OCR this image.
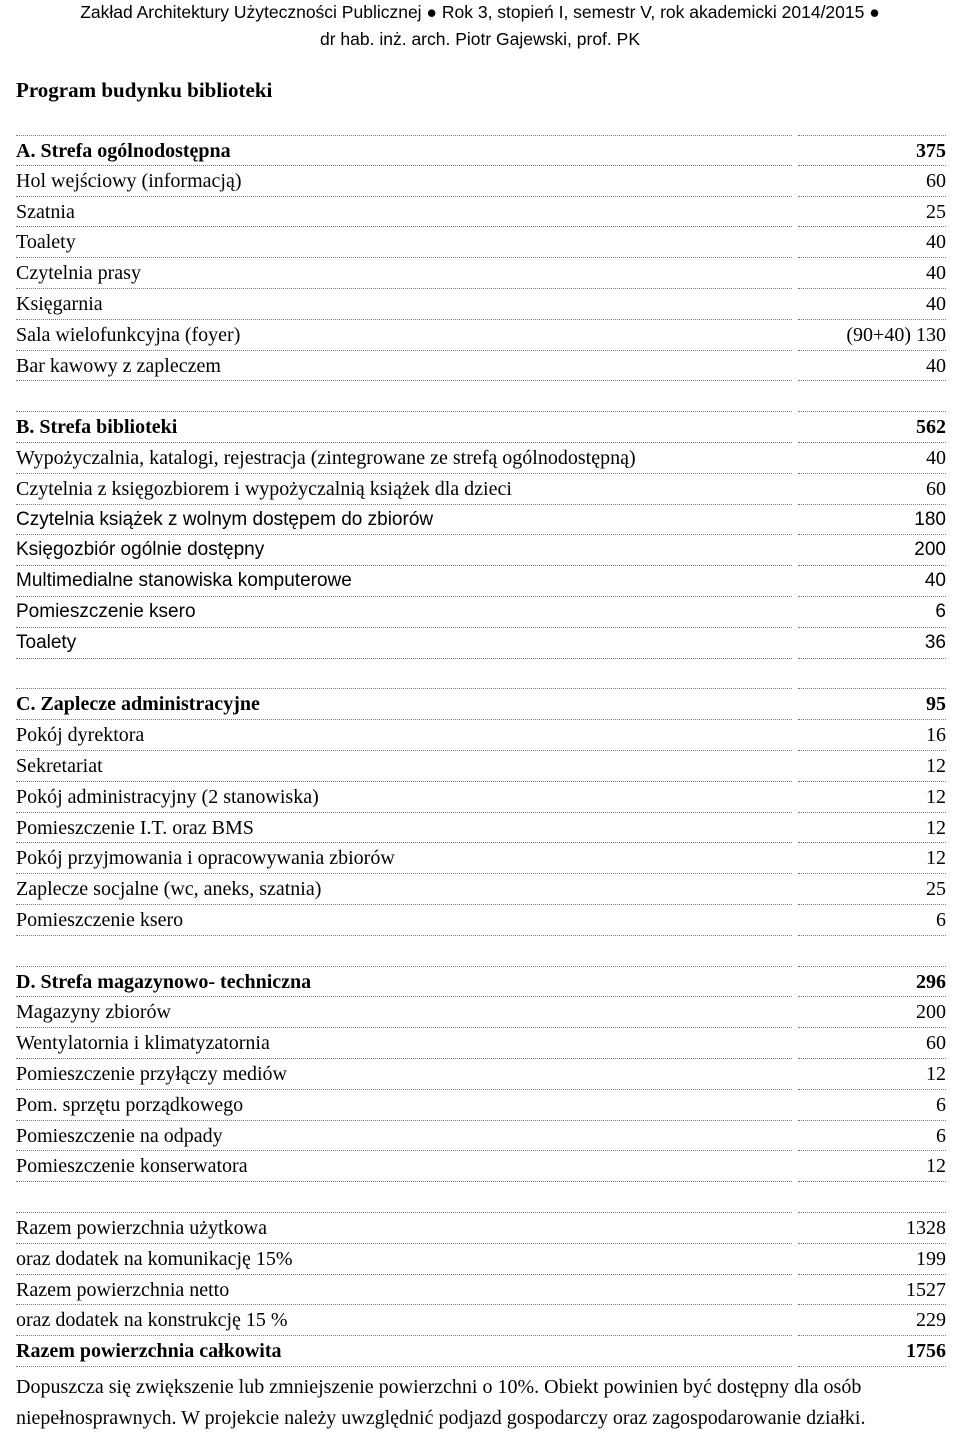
Zakład Architektury Użyteczności Publicznej ● Rok 3, stopień I, semestr V, rok akademicki 2014/2015 ●
dr hab. inż. arch. Piotr Gajewski, prof. PK
Program budynku biblioteki
A. Strefa ogólnodostępna	375
Hol wejściowy (informacją)	60
Szatnia	25
Toalety	40
Czytelnia prasy	40
Księgarnia	40
Sala wielofunkcyjna (foyer)	(90+40) 130
Bar kawowy z zapleczem	40
B. Strefa biblioteki	562
Wypożyczalnia, katalogi, rejestracja (zintegrowane ze strefą ogólnodostępną)	40
Czytelnia z księgozbiorem i wypożyczalnią książek dla dzieci	60
Czytelnia książek z wolnym dostępem do zbiorów	180
Księgozbiór ogólnie dostępny	200
Multimedialne stanowiska komputerowe	40
Pomieszczenie ksero	6
Toalety	36
C. Zaplecze administracyjne	95
Pokój dyrektora	16
Sekretariat	12
Pokój administracyjny (2 stanowiska)	12
Pomieszczenie I.T. oraz BMS	12
Pokój przyjmowania i opracowywania zbiorów	12
Zaplecze socjalne (wc, aneks, szatnia)	25
Pomieszczenie ksero	6
D. Strefa magazynowo- techniczna	296
Magazyny zbiorów	200
Wentylatornia i klimatyzatornia	60
Pomieszczenie przyłączy mediów	12
Pom. sprzętu porządkowego	6
Pomieszczenie na odpady	6
Pomieszczenie konserwatora	12
Razem powierzchnia użytkowa	1328
oraz dodatek na komunikację 15%	199
Razem powierzchnia netto	1527
oraz dodatek na konstrukcję 15 %	229
Razem powierzchnia całkowita	1756
Dopuszcza się zwiększenie lub zmniejszenie powierzchni o 10%. Obiekt powinien być dostępny dla osób niepełnosprawnych. W projekcie należy uwzględnić podjazd gospodarczy oraz zagospodarowanie działki.
